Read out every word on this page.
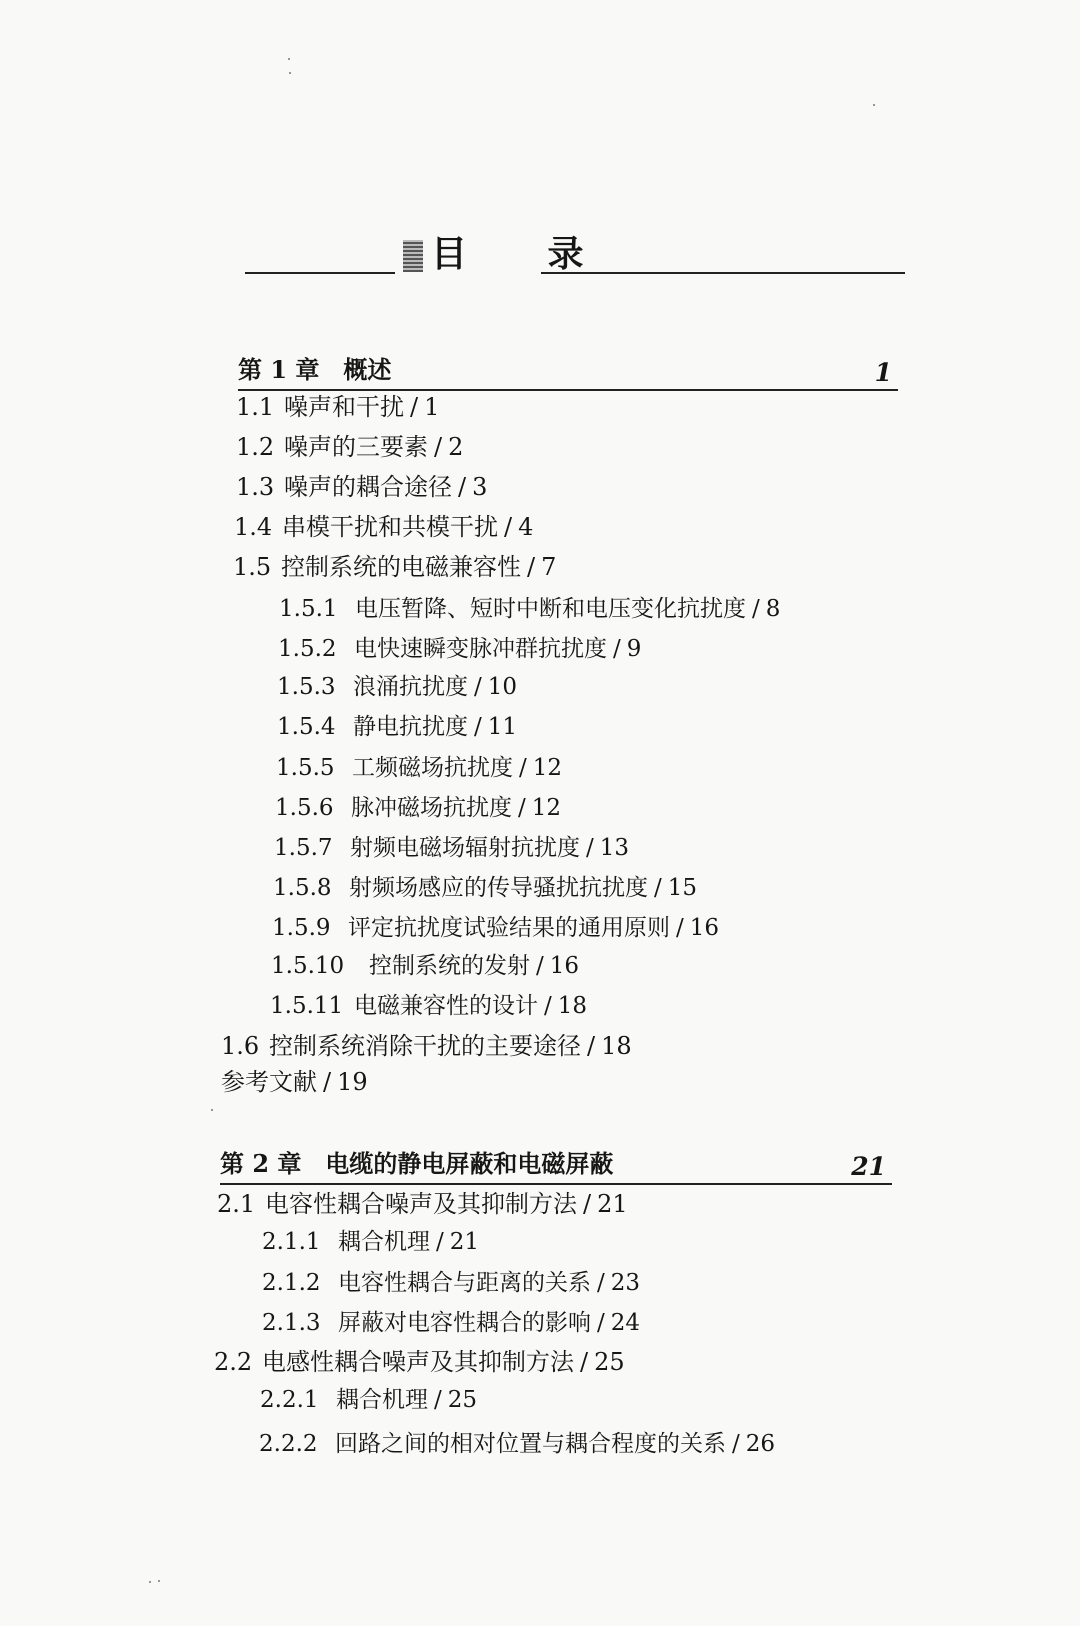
目 录
第 1 章　概述	1
1.1 噪声和干扰 / 1
1.2 噪声的三要素 / 2
1.3 噪声的耦合途径 / 3
1.4 串模干扰和共模干扰 / 4
1.5 控制系统的电磁兼容性 / 7
1.5.1 电压暂降、短时中断和电压变化抗扰度 / 8
1.5.2 电快速瞬变脉冲群抗扰度 / 9
1.5.3 浪涌抗扰度 / 10
1.5.4 静电抗扰度 / 11
1.5.5 工频磁场抗扰度 / 12
1.5.6 脉冲磁场抗扰度 / 12
1.5.7 射频电磁场辐射抗扰度 / 13
1.5.8 射频场感应的传导骚扰抗扰度 / 15
1.5.9 评定抗扰度试验结果的通用原则 / 16
1.5.10 控制系统的发射 / 16
1.5.11 电磁兼容性的设计 / 18
1.6 控制系统消除干扰的主要途径 / 18
参考文献 / 19
第 2 章　电缆的静电屏蔽和电磁屏蔽	21
2.1 电容性耦合噪声及其抑制方法 / 21
2.1.1 耦合机理 / 21
2.1.2 电容性耦合与距离的关系 / 23
2.1.3 屏蔽对电容性耦合的影响 / 24
2.2 电感性耦合噪声及其抑制方法 / 25
2.2.1 耦合机理 / 25
2.2.2 回路之间的相对位置与耦合程度的关系 / 26
